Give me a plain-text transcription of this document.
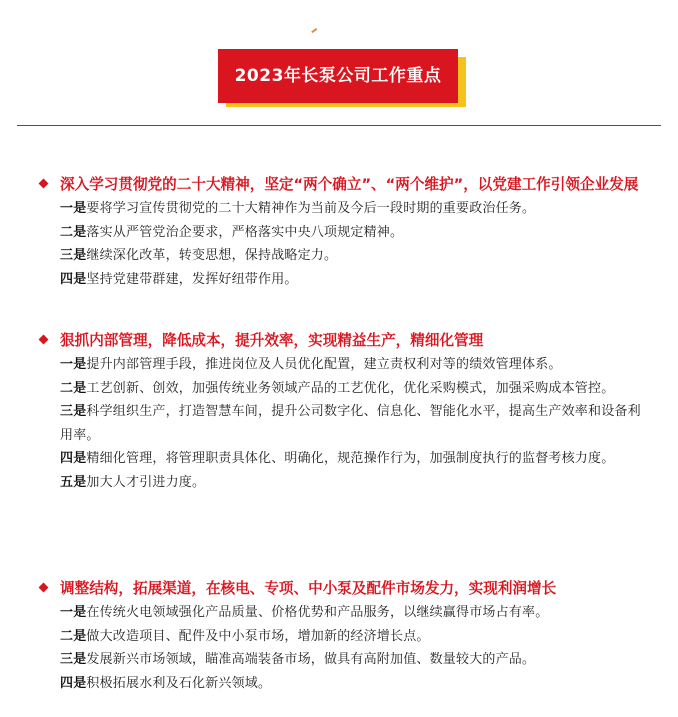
2023年长泵公司工作重点
深入学习贯彻党的二十大精神，坚定“两个确立”、“两个维护”，以党建工作引领企业发展
一是要将学习宣传贯彻党的二十大精神作为当前及今后一段时期的重要政治任务。
二是落实从严管党治企要求，严格落实中央八项规定精神。
三是继续深化改革，转变思想，保持战略定力。
四是坚持党建带群建，发挥好纽带作用。
狠抓内部管理，降低成本，提升效率，实现精益生产，精细化管理
一是提升内部管理手段，推进岗位及人员优化配置，建立责权利对等的绩效管理体系。
二是工艺创新、创效，加强传统业务领域产品的工艺优化，优化采购模式，加强采购成本管控。
三是科学组织生产，打造智慧车间，提升公司数字化、信息化、智能化水平，提高生产效率和设备利用率。
四是精细化管理，将管理职责具体化、明确化，规范操作行为，加强制度执行的监督考核力度。
五是加大人才引进力度。
调整结构，拓展渠道，在核电、专项、中小泵及配件市场发力，实现利润增长
一是在传统火电领域强化产品质量、价格优势和产品服务，以继续赢得市场占有率。
二是做大改造项目、配件及中小泵市场，增加新的经济增长点。
三是发展新兴市场领域，瞄准高端装备市场，做具有高附加值、数量较大的产品。
四是积极拓展水利及石化新兴领域。
